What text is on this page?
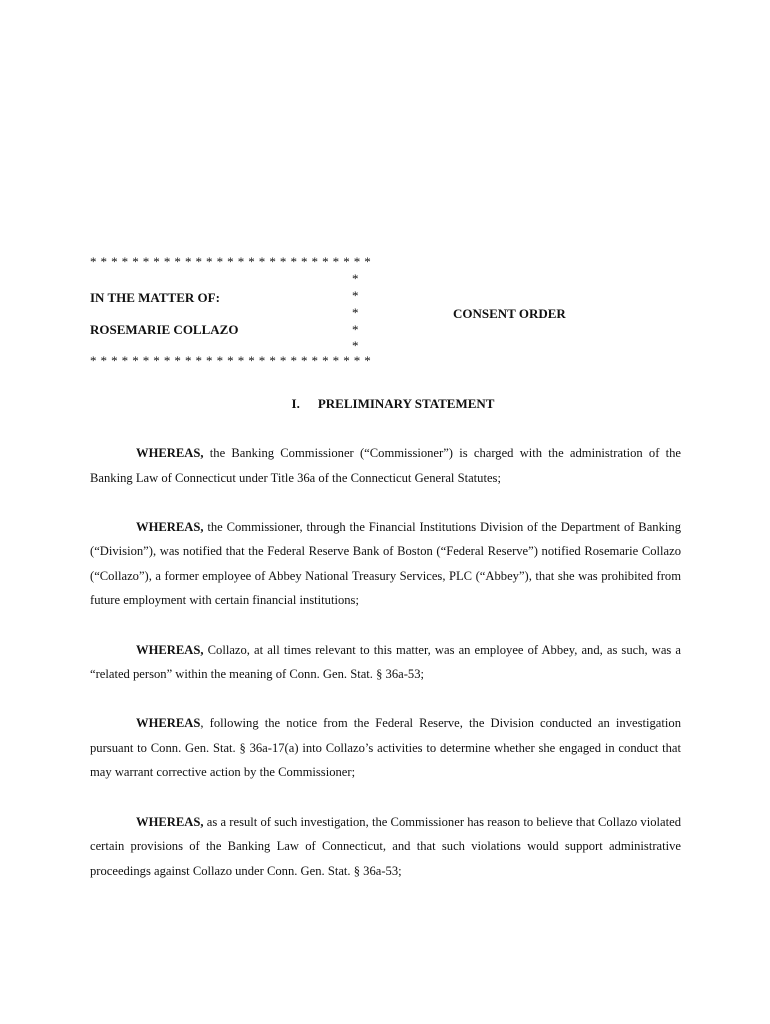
* * * * * * * * * * * * * * * * * * * * * * * * * * *
*
*
*
*
*
IN THE MATTER OF:
ROSEMARIE COLLAZO
CONSENT ORDER
* * * * * * * * * * * * * * * * * * * * * * * * * * *
I. PRELIMINARY STATEMENT

WHEREAS, the Banking Commissioner (“Commissioner”) is charged with the administration of the Banking Law of Connecticut under Title 36a of the Connecticut General Statutes;

WHEREAS, the Commissioner, through the Financial Institutions Division of the Department of Banking (“Division”), was notified that the Federal Reserve Bank of Boston (“Federal Reserve”) notified Rosemarie Collazo (“Collazo”), a former employee of Abbey National Treasury Services, PLC (“Abbey”), that she was prohibited from future employment with certain financial institutions;

WHEREAS, Collazo, at all times relevant to this matter, was an employee of Abbey, and, as such, was a “related person” within the meaning of Conn. Gen. Stat. § 36a-53;

WHEREAS, following the notice from the Federal Reserve, the Division conducted an investigation pursuant to Conn. Gen. Stat. § 36a-17(a) into Collazo’s activities to determine whether she engaged in conduct that may warrant corrective action by the Commissioner;

WHEREAS, as a result of such investigation, the Commissioner has reason to believe that Collazo violated certain provisions of the Banking Law of Connecticut, and that such violations would support administrative proceedings against Collazo under Conn. Gen. Stat. § 36a-53;
